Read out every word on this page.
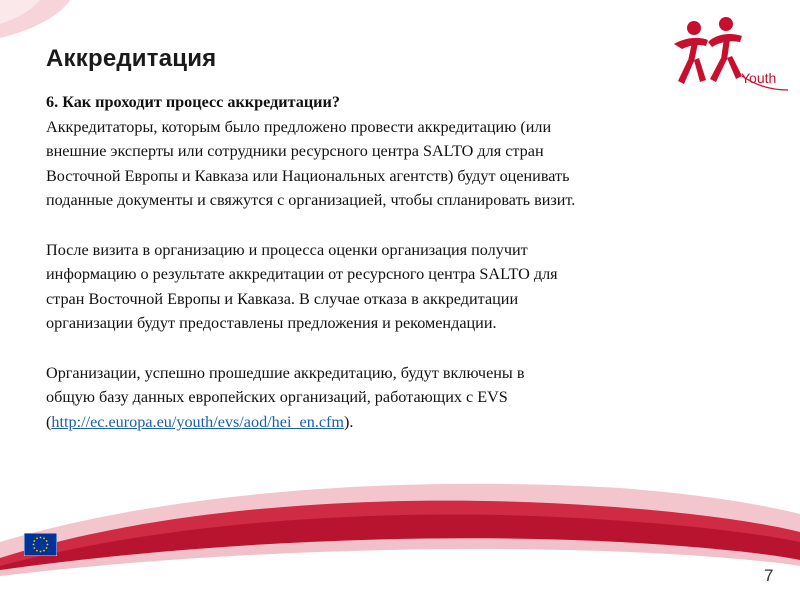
Аккредитация
Youth

6. Как проходит процесс аккредитации?

Аккредитаторы, которым было предложено провести аккредитацию (или

внешние эксперты или сотрудники ресурсного центра SALTO для стран

Восточной Европы и Кавказа или Национальных агентств) будут оценивать

поданные документы и свяжутся с организацией, чтобы спланировать визит.

После визита в организацию и процесса оценки организация получит

информацию о результате аккредитации от ресурсного центра SALTO для

стран Восточной Европы и Кавказа. В случае отказа в аккредитации

организации будут предоставлены предложения и рекомендации.

Организации, успешно прошедшие аккредитацию, будут включены в

общую базу данных европейских организаций, работающих с EVS

(http://ec.europa.eu/youth/evs/aod/hei_en.cfm).

7
